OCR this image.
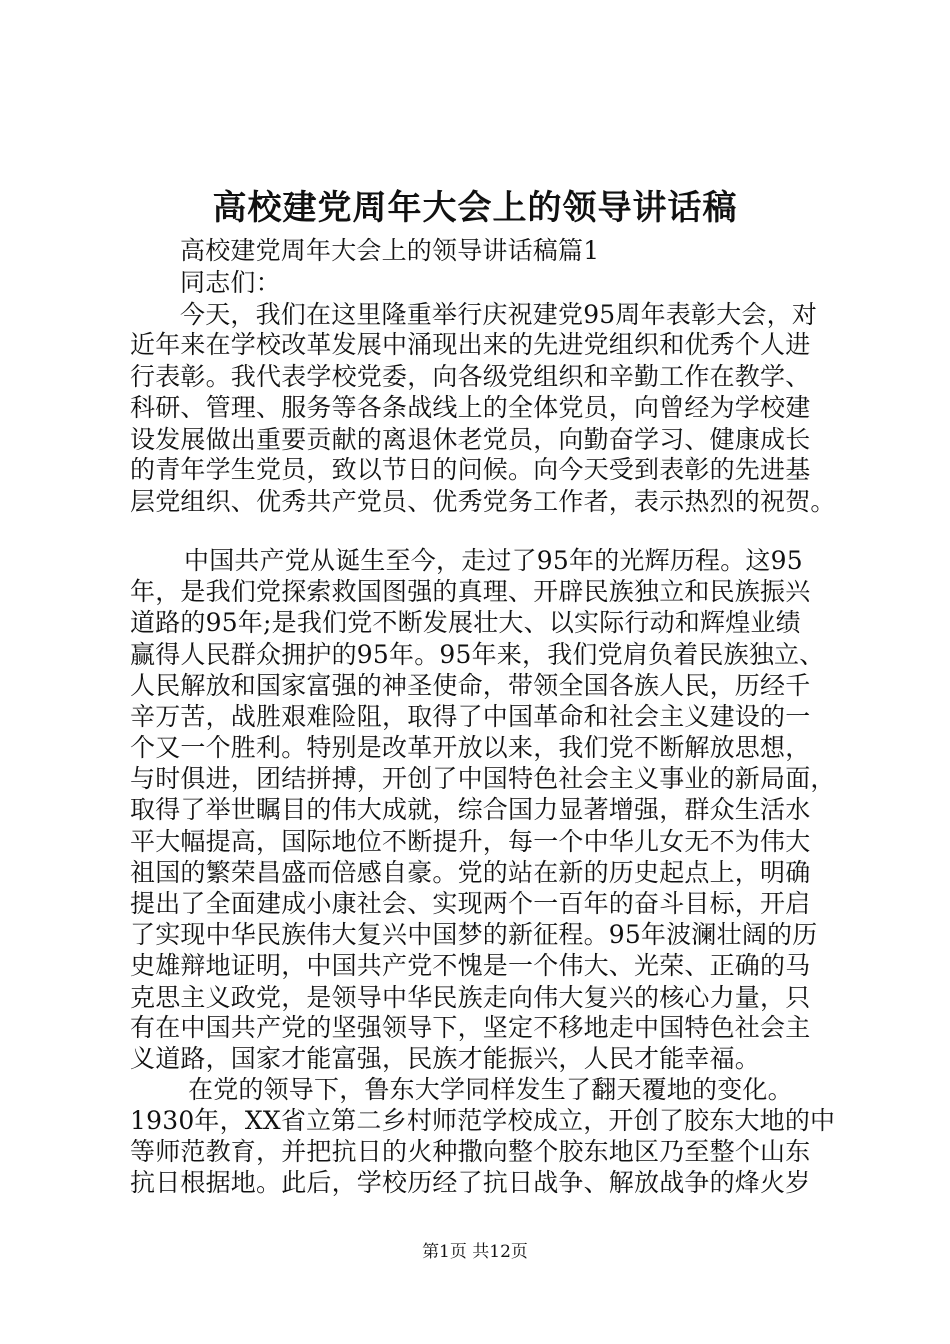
高校建党周年大会上的领导讲话稿
高校建党周年大会上的领导讲话稿篇1
同志们：
今天，我们在这里隆重举行庆祝建党95周年表彰大会，对
近年来在学校改革发展中涌现出来的先进党组织和优秀个人进
行表彰。我代表学校党委，向各级党组织和辛勤工作在教学、
科研、管理、服务等各条战线上的全体党员，向曾经为学校建
设发展做出重要贡献的离退休老党员，向勤奋学习、健康成长
的青年学生党员，致以节日的问候。向今天受到表彰的先进基
层党组织、优秀共产党员、优秀党务工作者，表示热烈的祝贺。
中国共产党从诞生至今，走过了95年的光辉历程。这95
年，是我们党探索救国图强的真理、开辟民族独立和民族振兴
道路的95年;是我们党不断发展壮大、以实际行动和辉煌业绩
赢得人民群众拥护的95年。95年来，我们党肩负着民族独立、
人民解放和国家富强的神圣使命，带领全国各族人民，历经千
辛万苦，战胜艰难险阻，取得了中国革命和社会主义建设的一
个又一个胜利。特别是改革开放以来，我们党不断解放思想，
与时俱进，团结拼搏，开创了中国特色社会主义事业的新局面，
取得了举世瞩目的伟大成就，综合国力显著增强，群众生活水
平大幅提高，国际地位不断提升，每一个中华儿女无不为伟大
祖国的繁荣昌盛而倍感自豪。党的站在新的历史起点上，明确
提出了全面建成小康社会、实现两个一百年的奋斗目标，开启
了实现中华民族伟大复兴中国梦的新征程。95年波澜壮阔的历
史雄辩地证明，中国共产党不愧是一个伟大、光荣、正确的马
克思主义政党，是领导中华民族走向伟大复兴的核心力量，只
有在中国共产党的坚强领导下，坚定不移地走中国特色社会主
义道路，国家才能富强，民族才能振兴，人民才能幸福。
在党的领导下，鲁东大学同样发生了翻天覆地的变化。
1930年，XX省立第二乡村师范学校成立，开创了胶东大地的中
等师范教育，并把抗日的火种撒向整个胶东地区乃至整个山东
抗日根据地。此后，学校历经了抗日战争、解放战争的烽火岁
第1页 共12页
